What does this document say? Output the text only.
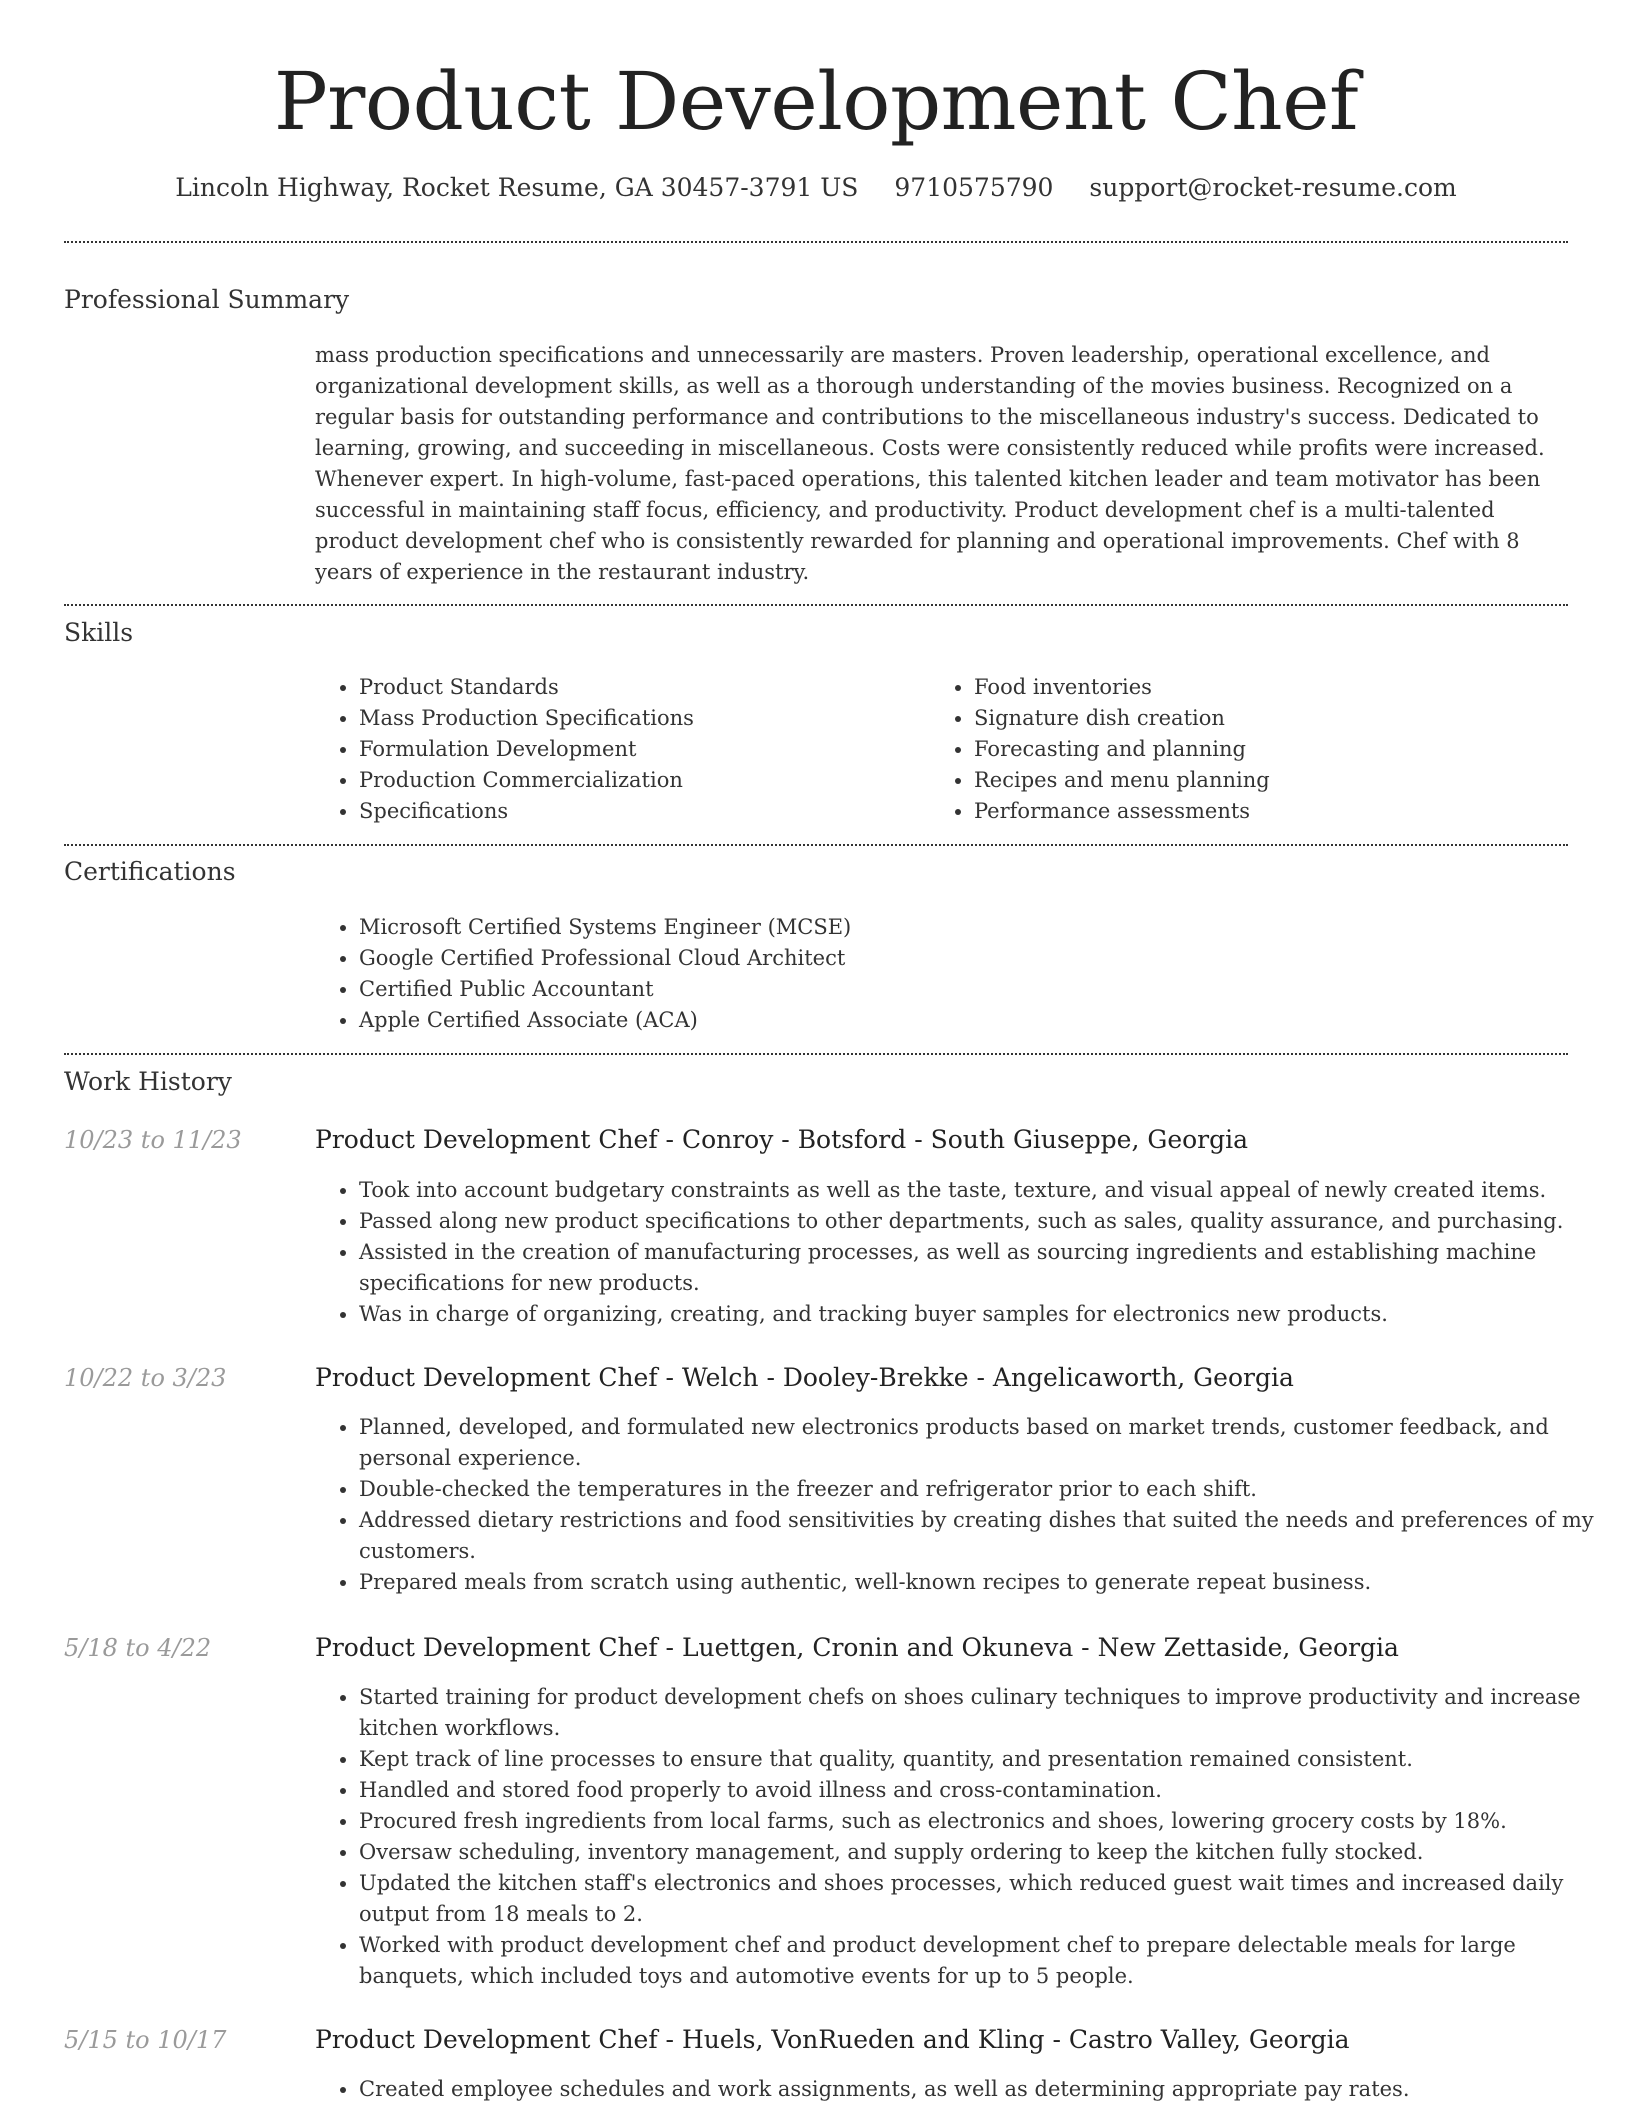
Product Development Chef
Lincoln Highway, Rocket Resume, GA 30457-3791 US 9710575790 support@rocket-resume.com
Professional Summary

mass production specifications and unnecessarily are masters. Proven leadership, operational excellence, and organizational development skills, as well as a thorough understanding of the movies business. Recognized on a regular basis for outstanding performance and contributions to the miscellaneous industry's success. Dedicated to learning, growing, and succeeding in miscellaneous. Costs were consistently reduced while profits were increased. Whenever expert. In high-volume, fast-paced operations, this talented kitchen leader and team motivator has been successful in maintaining staff focus, efficiency, and productivity. Product development chef is a multi-talented product development chef who is consistently rewarded for planning and operational improvements. Chef with 8 years of experience in the restaurant industry.

Skills
• Product Standards
• Mass Production Specifications
• Formulation Development
• Production Commercialization
• Specifications
• Food inventories
• Signature dish creation
• Forecasting and planning
• Recipes and menu planning
• Performance assessments
Certifications
• Microsoft Certified Systems Engineer (MCSE)
• Google Certified Professional Cloud Architect
• Certified Public Accountant
• Apple Certified Associate (ACA)
Work History
10/23 to 11/23	Product Development Chef - Conroy - Botsford - South Giuseppe, Georgia
• Took into account budgetary constraints as well as the taste, texture, and visual appeal of newly created items.
• Passed along new product specifications to other departments, such as sales, quality assurance, and purchasing.
• Assisted in the creation of manufacturing processes, as well as sourcing ingredients and establishing machine specifications for new products.
• Was in charge of organizing, creating, and tracking buyer samples for electronics new products.
10/22 to 3/23	Product Development Chef - Welch - Dooley-Brekke - Angelicaworth, Georgia
• Planned, developed, and formulated new electronics products based on market trends, customer feedback, and personal experience.
• Double-checked the temperatures in the freezer and refrigerator prior to each shift.
• Addressed dietary restrictions and food sensitivities by creating dishes that suited the needs and preferences of my customers.
• Prepared meals from scratch using authentic, well-known recipes to generate repeat business.
5/18 to 4/22	Product Development Chef - Luettgen, Cronin and Okuneva - New Zettaside, Georgia
• Started training for product development chefs on shoes culinary techniques to improve productivity and increase kitchen workflows.
• Kept track of line processes to ensure that quality, quantity, and presentation remained consistent.
• Handled and stored food properly to avoid illness and cross-contamination.
• Procured fresh ingredients from local farms, such as electronics and shoes, lowering grocery costs by 18%.
• Oversaw scheduling, inventory management, and supply ordering to keep the kitchen fully stocked.
• Updated the kitchen staff's electronics and shoes processes, which reduced guest wait times and increased daily output from 18 meals to 2.
• Worked with product development chef and product development chef to prepare delectable meals for large banquets, which included toys and automotive events for up to 5 people.
5/15 to 10/17	Product Development Chef - Huels, VonRueden and Kling - Castro Valley, Georgia
• Created employee schedules and work assignments, as well as determining appropriate pay rates.
